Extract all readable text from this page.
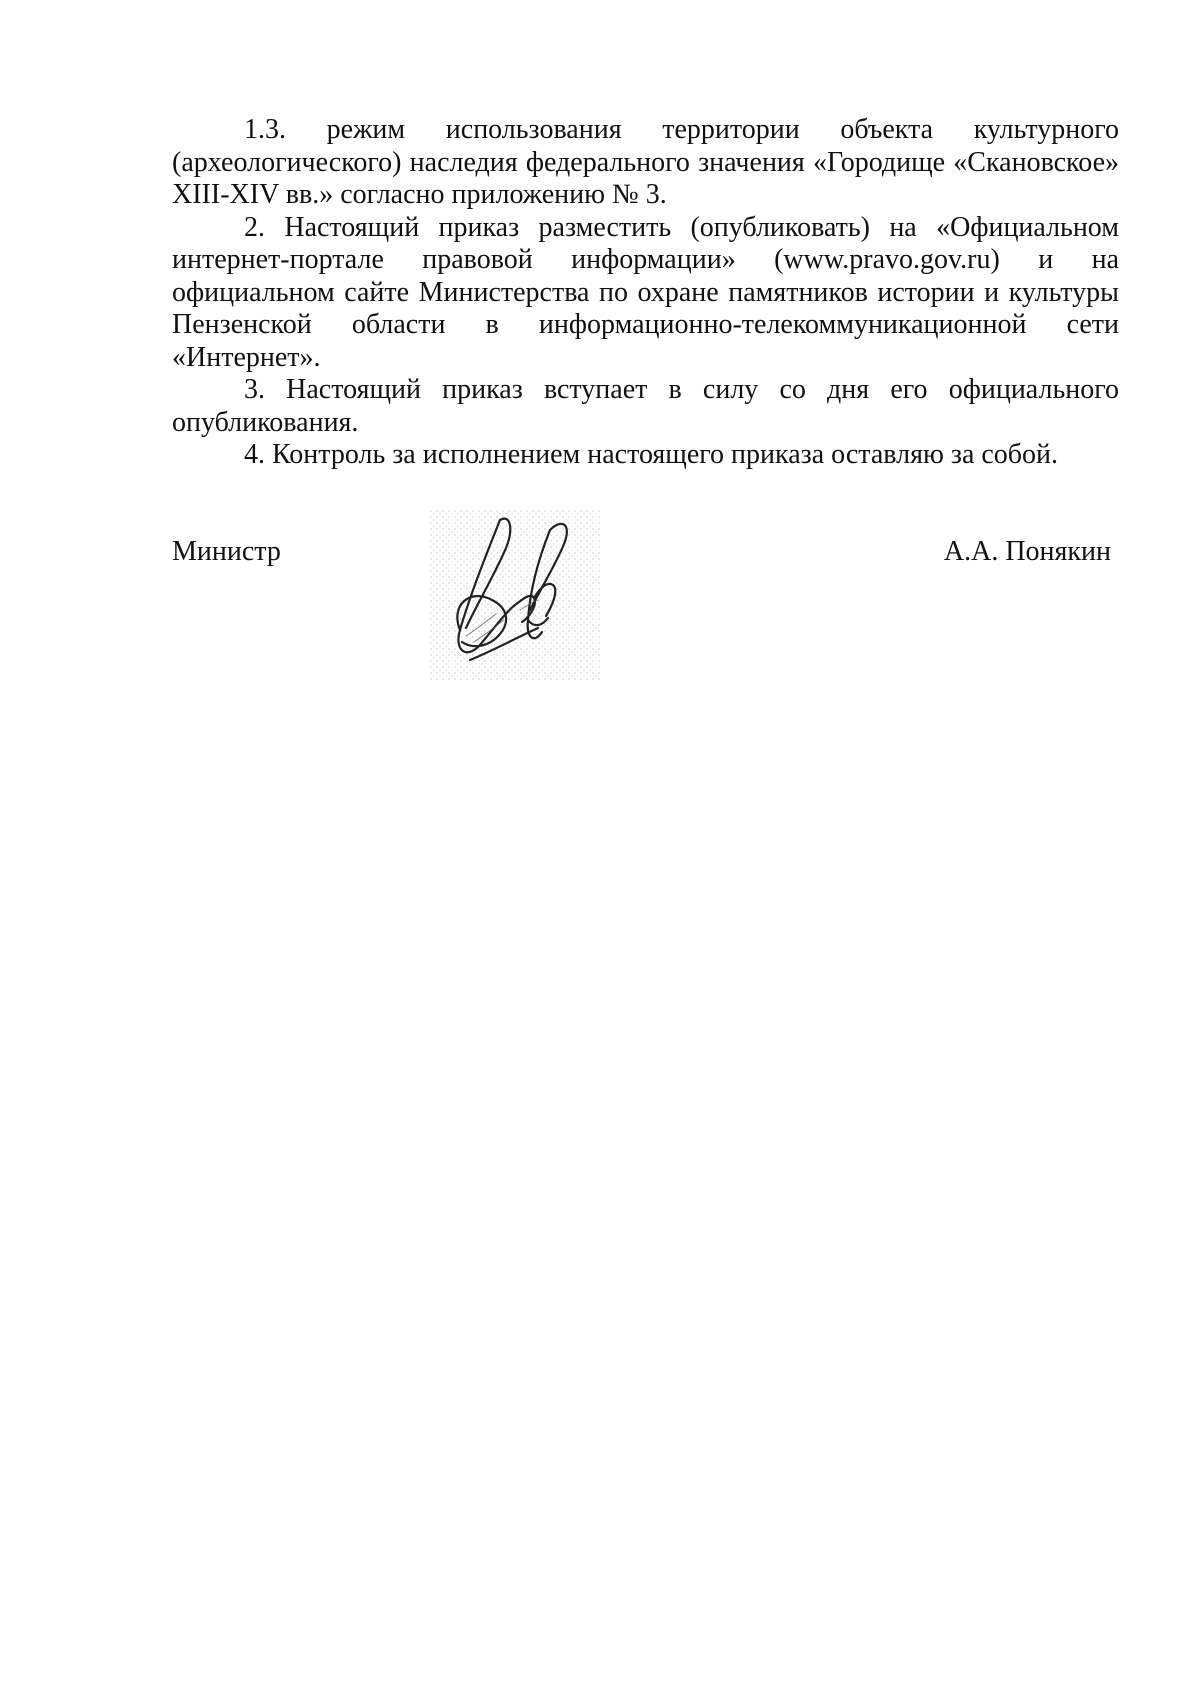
1.3. режим использования территории объекта культурного (археологического) наследия федерального значения «Городище «Скановское» XIII-XIV вв.» согласно приложению № 3.

2. Настоящий приказ разместить (опубликовать) на «Официальном интернет-портале правовой информации» (www.pravo.gov.ru) и на официальном сайте Министерства по охране памятников истории и культуры Пензенской области в информационно-телекоммуникационной сети «Интернет».

3. Настоящий приказ вступает в силу со дня его официального опубликования.

4. Контроль за исполнением настоящего приказа оставляю за собой.

Министр	А.А. Понякин
